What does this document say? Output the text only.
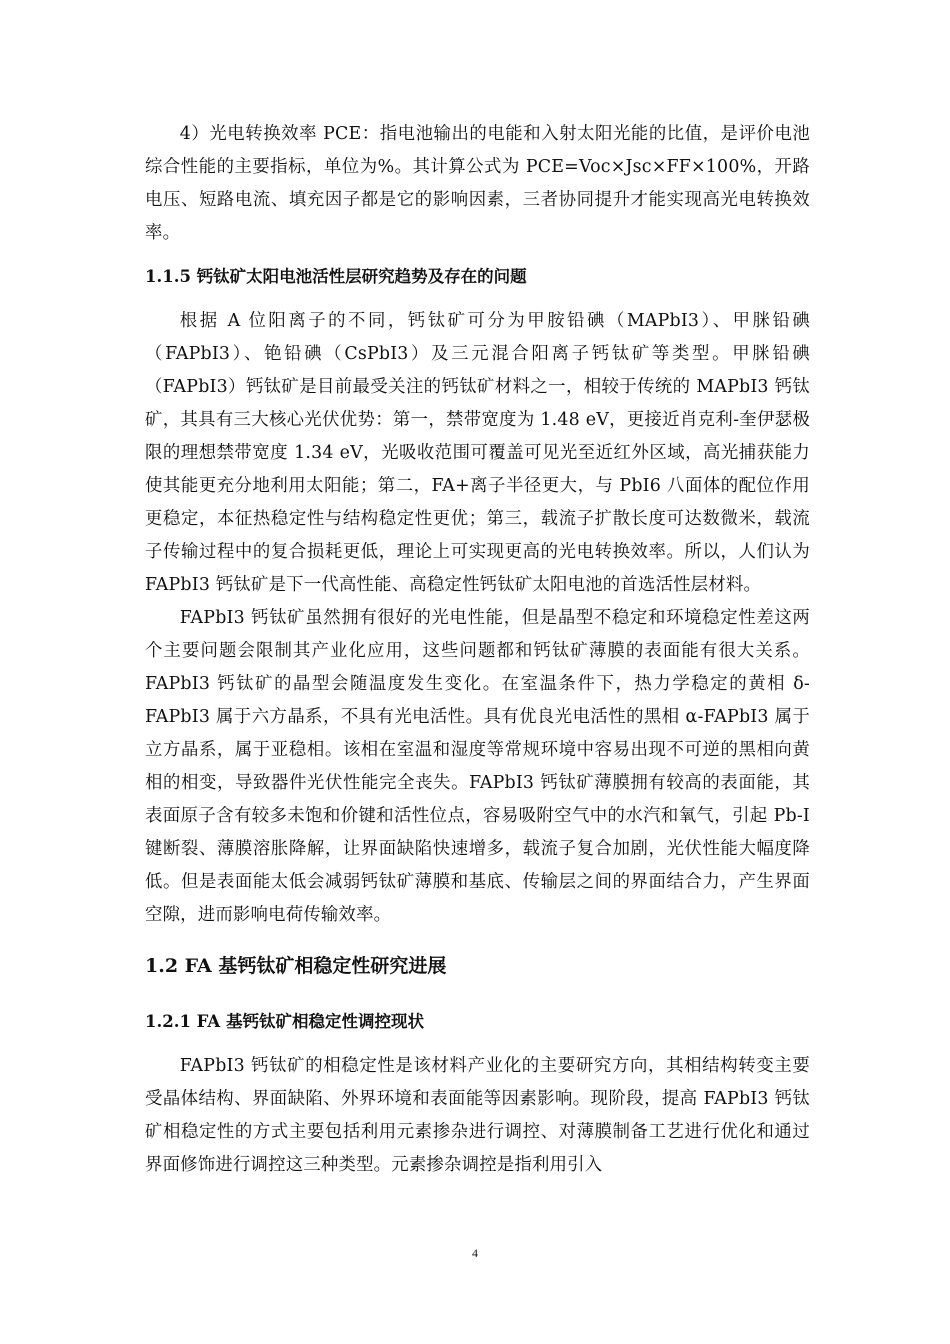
4）光电转换效率 PCE：指电池输出的电能和入射太阳光能的比值，是评价电池综合性能的主要指标，单位为%。其计算公式为 PCE=Voc×Jsc×FF×100%，开路电压、短路电流、填充因子都是它的影响因素，三者协同提升才能实现高光电转换效率。

1.1.5 钙钛矿太阳电池活性层研究趋势及存在的问题

根据 A 位阳离子的不同，钙钛矿可分为甲胺铅碘（MAPbI3）、甲脒铅碘（FAPbI3）、铯铅碘（CsPbI3）及三元混合阳离子钙钛矿等类型。甲脒铅碘（FAPbI3）钙钛矿是目前最受关注的钙钛矿材料之一，相较于传统的 MAPbI3 钙钛矿，其具有三大核心光伏优势：第一，禁带宽度为 1.48 eV，更接近肖克利-奎伊瑟极限的理想禁带宽度 1.34 eV，光吸收范围可覆盖可见光至近红外区域，高光捕获能力使其能更充分地利用太阳能；第二，FA+离子半径更大，与 PbI6 八面体的配位作用更稳定，本征热稳定性与结构稳定性更优；第三，载流子扩散长度可达数微米，载流子传输过程中的复合损耗更低，理论上可实现更高的光电转换效率。所以，人们认为 FAPbI3 钙钛矿是下一代高性能、高稳定性钙钛矿太阳电池的首选活性层材料。

FAPbI3 钙钛矿虽然拥有很好的光电性能，但是晶型不稳定和环境稳定性差这两个主要问题会限制其产业化应用，这些问题都和钙钛矿薄膜的表面能有很大关系。FAPbI3 钙钛矿的晶型会随温度发生变化。在室温条件下，热力学稳定的黄相 δ-FAPbI3 属于六方晶系，不具有光电活性。具有优良光电活性的黑相 α-FAPbI3 属于立方晶系，属于亚稳相。该相在室温和湿度等常规环境中容易出现不可逆的黑相向黄相的相变，导致器件光伏性能完全丧失。FAPbI3 钙钛矿薄膜拥有较高的表面能，其表面原子含有较多未饱和价键和活性位点，容易吸附空气中的水汽和氧气，引起 Pb-I 键断裂、薄膜溶胀降解，让界面缺陷快速增多，载流子复合加剧，光伏性能大幅度降低。但是表面能太低会减弱钙钛矿薄膜和基底、传输层之间的界面结合力，产生界面空隙，进而影响电荷传输效率。

1.2 FA 基钙钛矿相稳定性研究进展

1.2.1 FA 基钙钛矿相稳定性调控现状

FAPbI3 钙钛矿的相稳定性是该材料产业化的主要研究方向，其相结构转变主要受晶体结构、界面缺陷、外界环境和表面能等因素影响。现阶段，提高 FAPbI3 钙钛矿相稳定性的方式主要包括利用元素掺杂进行调控、对薄膜制备工艺进行优化和通过界面修饰进行调控这三种类型。元素掺杂调控是指利用引入

4
